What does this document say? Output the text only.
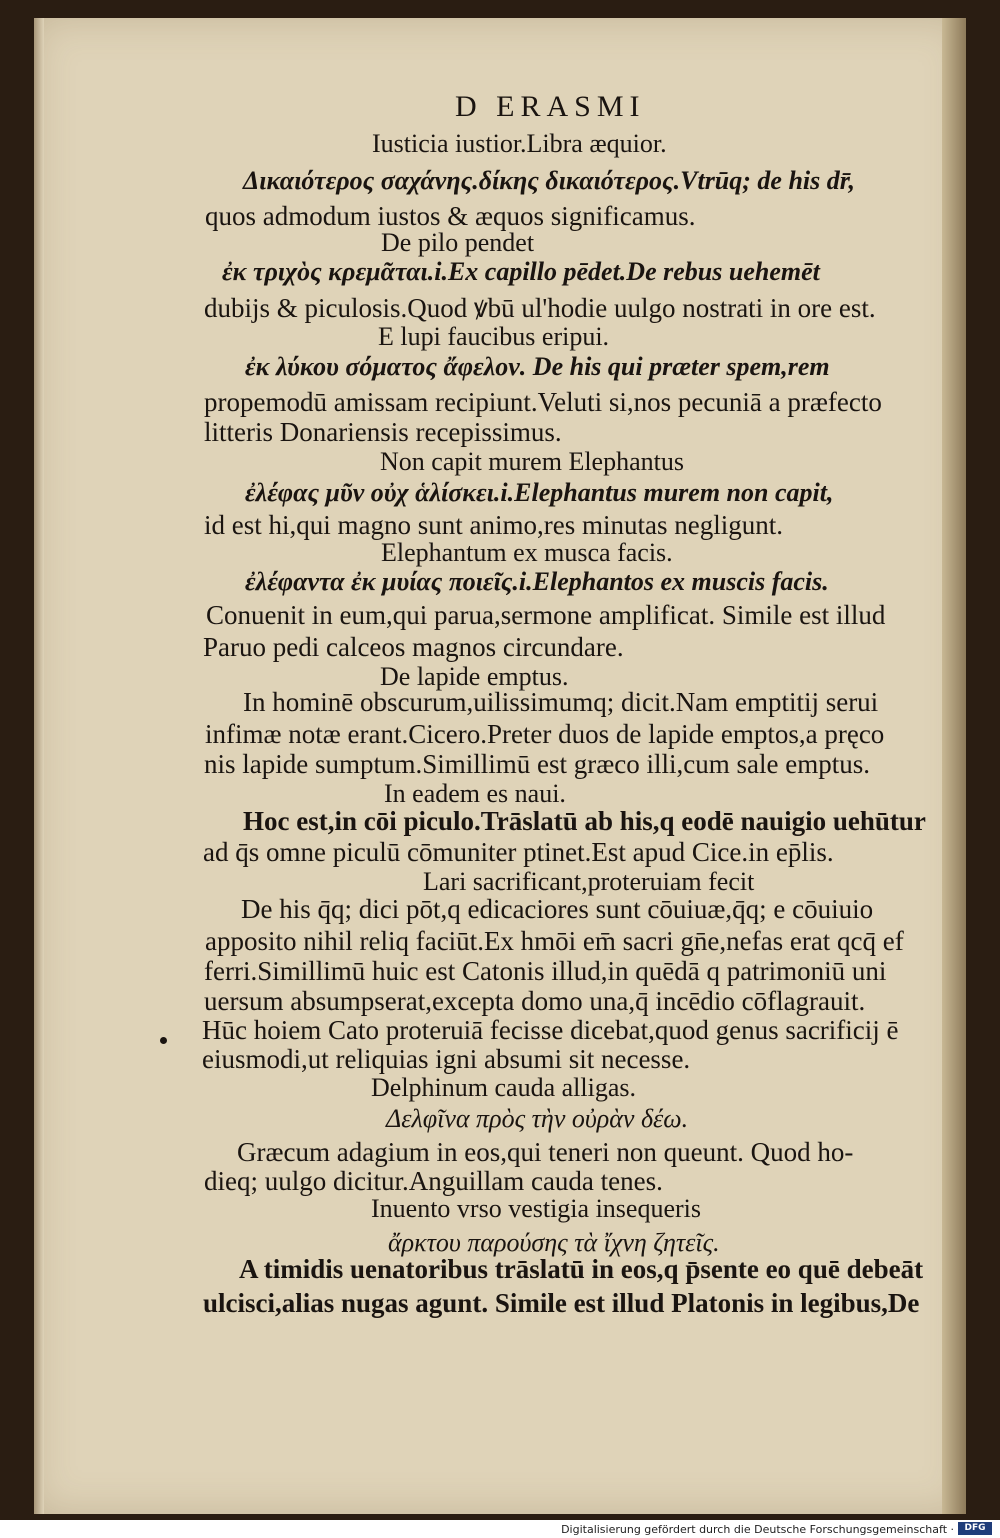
D ERASMI
Iusticia iustior.Libra æquior.
Δικαιότερος σαχάνης.δίκης δικαιότερος.Vtrūq; de his dr̄,
quos admodum iustos & æquos significamus.
De pilo pendet
ἐκ τριχὸς κρεμᾶται.i.Ex capillo pēdet.De rebus uehemēt
dubijs & piculosis.Quod ꝟbū ul'hodie uulgo nostrati in ore est.
E lupi faucibus eripui.
ἐκ λύκου σόματος ἄφελον. De his qui præter spem,rem
propemodū amissam recipiunt.Veluti si,nos pecuniā a præfecto
litteris Donariensis recepissimus.
Non capit murem Elephantus
ἐλέφας μῦν οὐχ ἁλίσκει.i.Elephantus murem non capit,
id est hi,qui magno sunt animo,res minutas negligunt.
Elephantum ex musca facis.
ἐλέφαντα ἐκ μυίας ποιεῖς.i.Elephantos ex muscis facis.
Conuenit in eum,qui parua,sermone amplificat. Simile est illud
Paruo pedi calceos magnos circundare.
De lapide emptus.
In hominē obscurum,uilissimumq; dicit.Nam emptitij serui
infimæ notæ erant.Cicero.Preter duos de lapide emptos,a pręco
nis lapide sumptum.Simillimū est græco illi,cum sale emptus.
In eadem es naui.
Hoc est,in cōi piculo.Trāslatū ab his,q eodē nauigio uehūtur
ad q̄s omne piculū cōmuniter ptinet.Est apud Cice.in ep̄lis.
Lari sacrificant,proteruiam fecit
De his q̄q; dici pōt,q edicaciores sunt cōuiuæ,q̄q; e cōuiuio
apposito nihil reliq faciūt.Ex hmōi em̄ sacri gn̄e,nefas erat qcq̄ ef
ferri.Simillimū huic est Catonis illud,in quēdā q patrimoniū uni
uersum absumpserat,excepta domo una,q̄ incēdio cōflagrauit.
Hūc hoiem Cato proteruiā fecisse dicebat,quod genus sacrificij ē
eiusmodi,ut reliquias igni absumi sit necesse.
Delphinum cauda alligas.
Δελφῖνα πρὸς τὴν οὐρὰν δέω.
Græcum adagium in eos,qui teneri non queunt. Quod ho-
dieq; uulgo dicitur.Anguillam cauda tenes.
Inuento vrso vestigia insequeris
ἄρκτου παρούσης τὰ ἴχνη ζητεῖς.
A timidis uenatoribus trāslatū in eos,q p̄sente eo quē debeāt
ulcisci,alias nugas agunt. Simile est illud Platonis in legibus,De
Digitalisierung gefördert durch die Deutsche Forschungsgemeinschaft ·	DFG
